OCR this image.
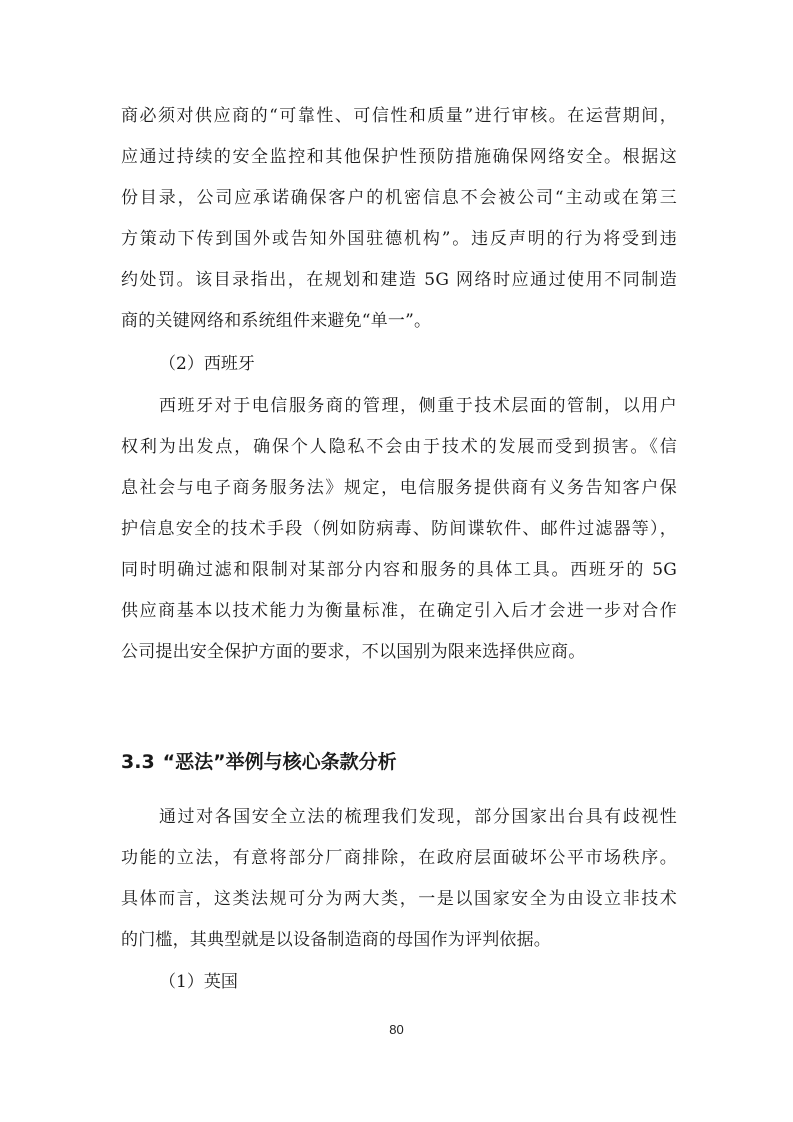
商必须对供应商的“可靠性、可信性和质量”进行审核。在运营期间，
应通过持续的安全监控和其他保护性预防措施确保网络安全。根据这
份目录，公司应承诺确保客户的机密信息不会被公司“主动或在第三
方策动下传到国外或告知外国驻德机构”。违反声明的行为将受到违
约处罚。该目录指出，在规划和建造 5G 网络时应通过使用不同制造
商的关键网络和系统组件来避免“单一”。
（2）西班牙
西班牙对于电信服务商的管理，侧重于技术层面的管制，以用户
权利为出发点，确保个人隐私不会由于技术的发展而受到损害。《信
息社会与电子商务服务法》规定，电信服务提供商有义务告知客户保
护信息安全的技术手段（例如防病毒、防间谍软件、邮件过滤器等），
同时明确过滤和限制对某部分内容和服务的具体工具。西班牙的 5G
供应商基本以技术能力为衡量标准，在确定引入后才会进一步对合作
公司提出安全保护方面的要求，不以国别为限来选择供应商。
3.3 “恶法”举例与核心条款分析
通过对各国安全立法的梳理我们发现，部分国家出台具有歧视性
功能的立法，有意将部分厂商排除，在政府层面破坏公平市场秩序。
具体而言，这类法规可分为两大类，一是以国家安全为由设立非技术
的门槛，其典型就是以设备制造商的母国作为评判依据。
（1）英国
80
